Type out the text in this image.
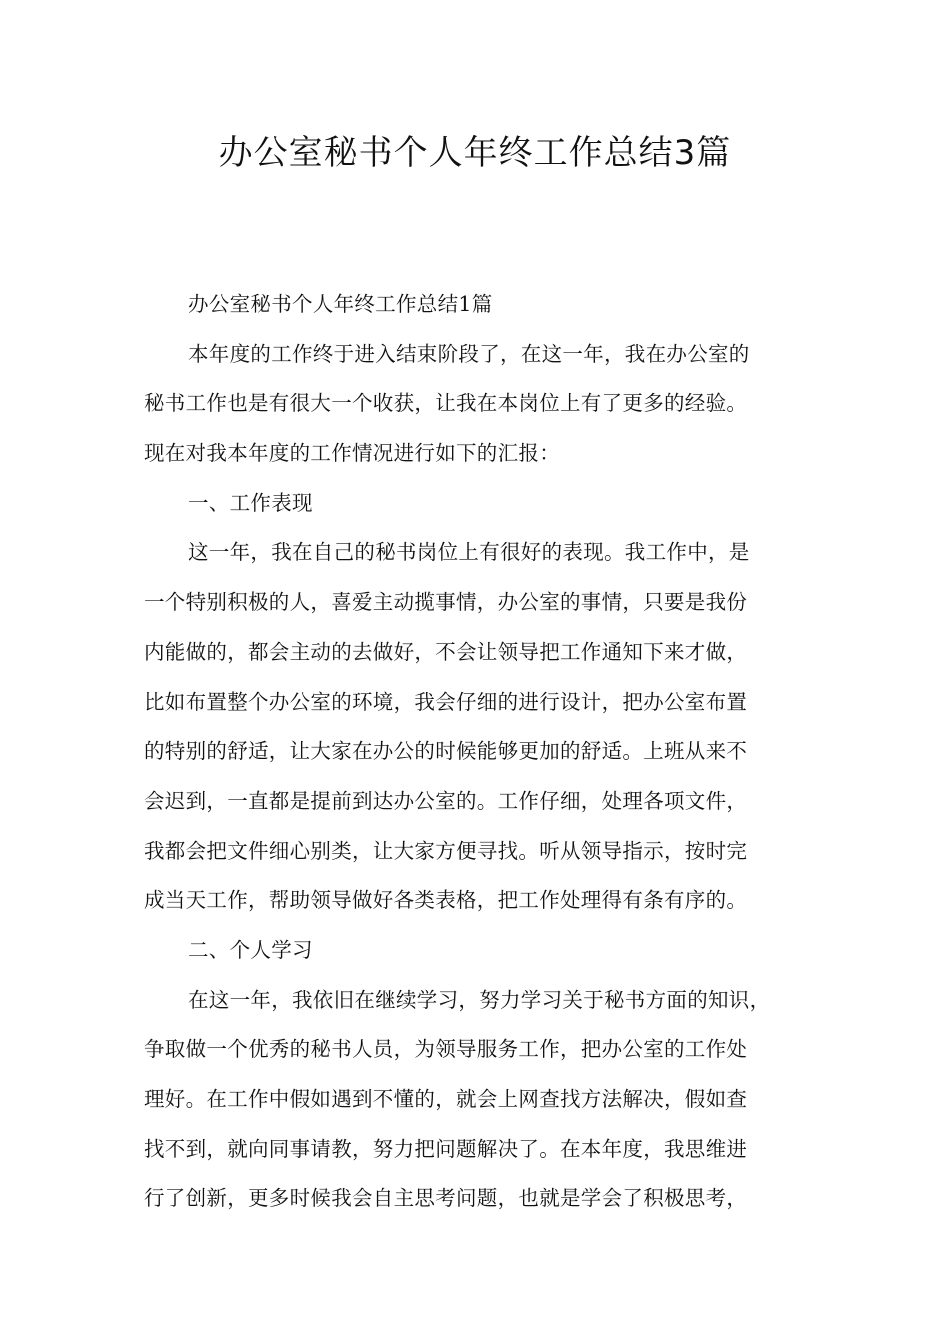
办公室秘书个人年终工作总结3篇
办公室秘书个人年终工作总结1篇
本年度的工作终于进入结束阶段了，在这一年，我在办公室的
秘书工作也是有很大一个收获，让我在本岗位上有了更多的经验。
现在对我本年度的工作情况进行如下的汇报：
一、工作表现
这一年，我在自己的秘书岗位上有很好的表现。我工作中，是
一个特别积极的人，喜爱主动揽事情，办公室的事情，只要是我份
内能做的，都会主动的去做好，不会让领导把工作通知下来才做，
比如布置整个办公室的环境，我会仔细的进行设计，把办公室布置
的特别的舒适，让大家在办公的时候能够更加的舒适。上班从来不
会迟到，一直都是提前到达办公室的。工作仔细，处理各项文件，
我都会把文件细心别类，让大家方便寻找。听从领导指示，按时完
成当天工作，帮助领导做好各类表格，把工作处理得有条有序的。
二、个人学习
在这一年，我依旧在继续学习，努力学习关于秘书方面的知识，
争取做一个优秀的秘书人员，为领导服务工作，把办公室的工作处
理好。在工作中假如遇到不懂的，就会上网查找方法解决，假如查
找不到，就向同事请教，努力把问题解决了。在本年度，我思维进
行了创新，更多时候我会自主思考问题，也就是学会了积极思考，
